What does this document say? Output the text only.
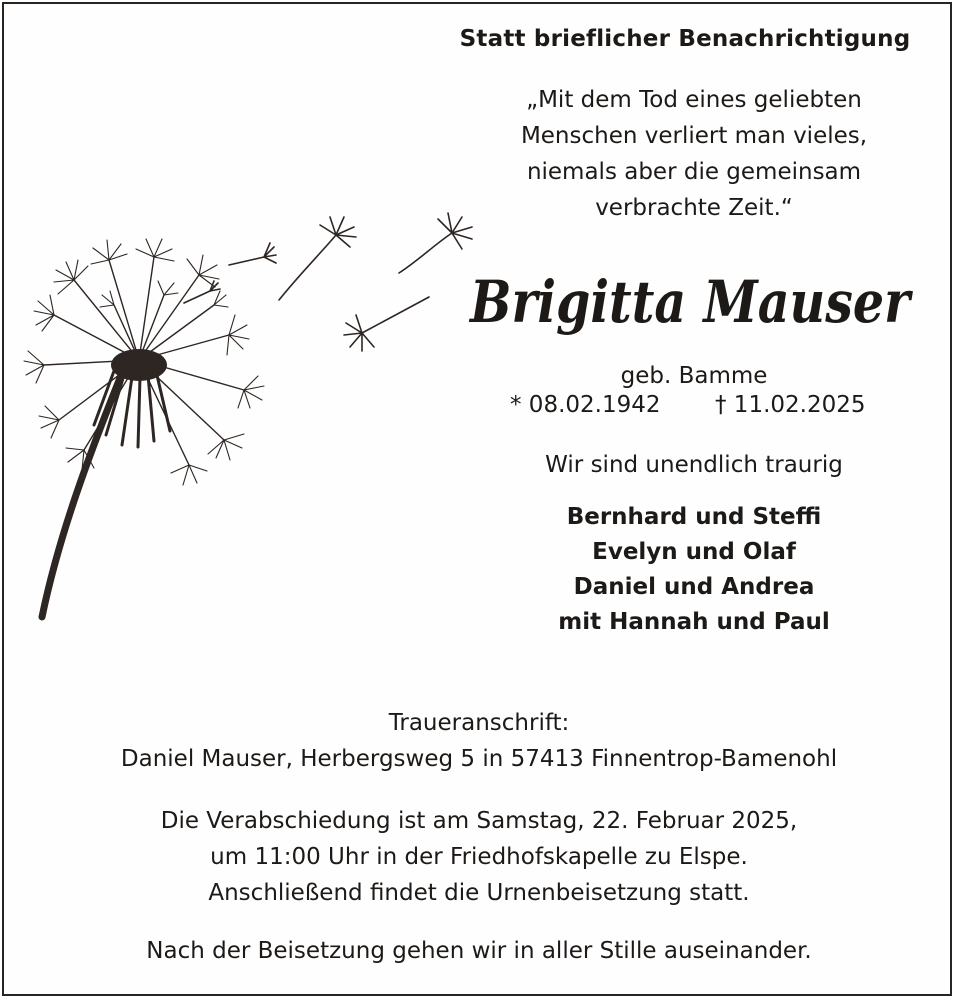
Statt brieflicher Benachrichtigung
„Mit dem Tod eines geliebten
Menschen verliert man vieles,
niemals aber die gemeinsam
verbrachte Zeit.“
Brigitta Mauser
geb. Bamme
* 08.02.1942 † 11.02.2025
Wir sind unendlich traurig
Bernhard und Steffi
Evelyn und Olaf
Daniel und Andrea
mit Hannah und Paul
Traueranschrift:
Daniel Mauser, Herbergsweg 5 in 57413 Finnentrop-Bamenohl
Die Verabschiedung ist am Samstag, 22. Februar 2025,
um 11:00 Uhr in der Friedhofskapelle zu Elspe.
Anschließend findet die Urnenbeisetzung statt.
Nach der Beisetzung gehen wir in aller Stille auseinander.
